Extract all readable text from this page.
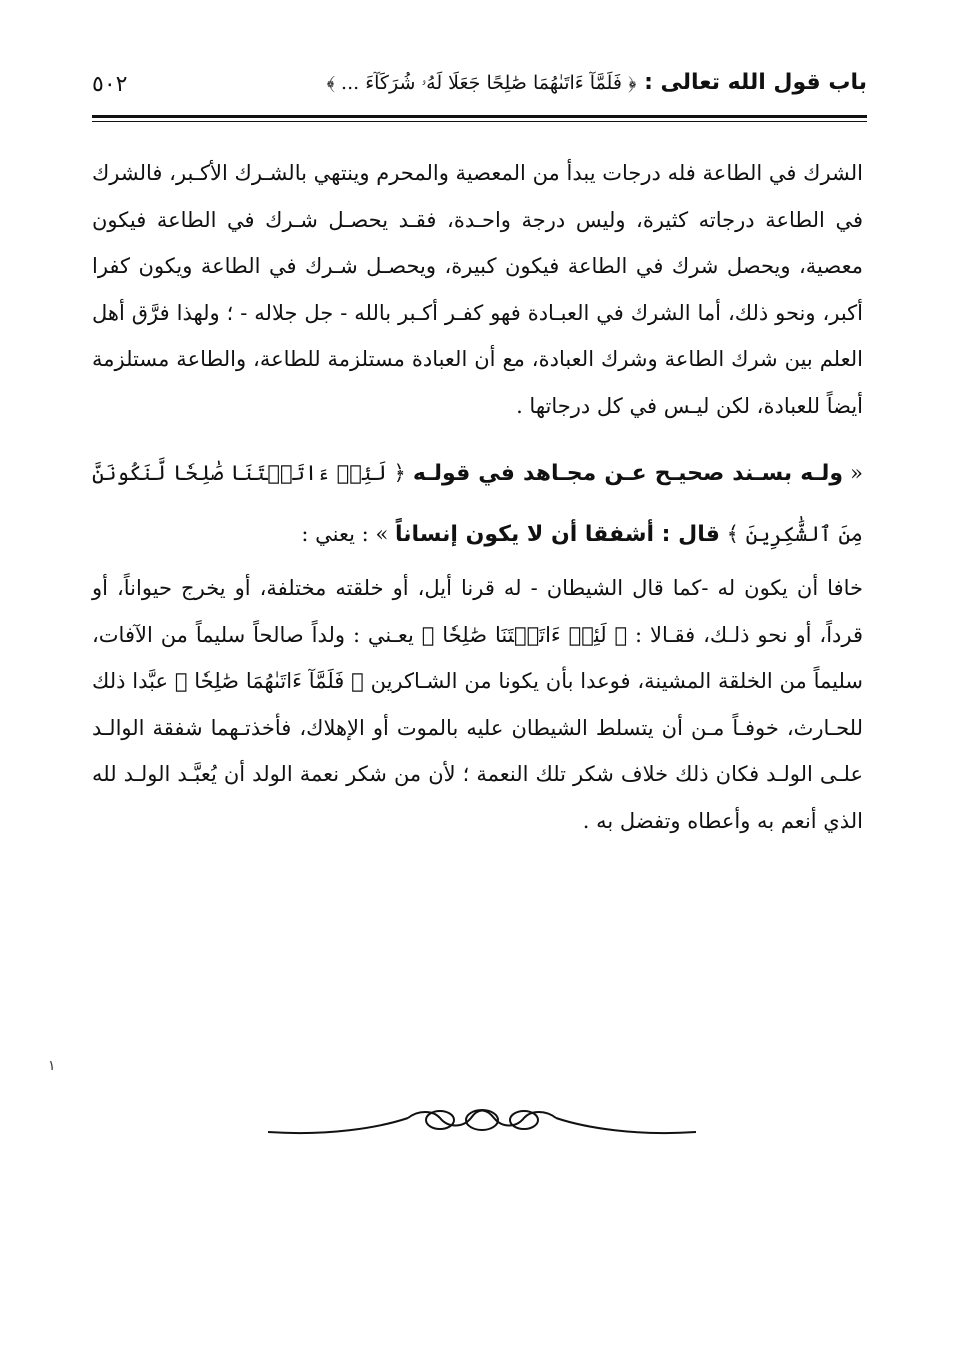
باب قول الله تعالى : ﴿ فَلَمَّآ ءَاتَىٰهُمَا صَٰلِحًا جَعَلَا لَهُۥ شُرَكَآءَ ... ﴾
٥٠٢

الشرك في الطاعة فله درجات يبدأ من المعصية والمحرم وينتهي بالشـرك الأكـبر، فالشرك في الطاعة درجاته كثيرة، وليس درجة واحـدة، فقـد يحصـل شـرك في الطاعة فيكون معصية، ويحصل شرك في الطاعة فيكون كبيرة، ويحصـل شـرك في الطاعة ويكون كفرا أكبر، ونحو ذلك، أما الشرك في العبـادة فهو كفـر أكـبر بالله - جل جلاله - ؛ ولهذا فرَّق أهل العلم بين شرك الطاعة وشرك العبادة، مع أن العبادة مستلزمة للطاعة، والطاعة مستلزمة أيضاً للعبادة، لكن ليـس في كل درجاتها .

« ولـه بسـند صحيـح عـن مجـاهد في قولـه ﴿ لَئِنۡ ءَاتَيۡتَنَا صَٰلِحٗا لَّنَكُونَنَّ مِنَ ٱلشَّٰكِرِينَ ﴾ قال : أشفقا أن لا يكون إنساناً » : يعني :

خافا أن يكون له -كما قال الشيطان - له قرنا أيل، أو خلقته مختلفة، أو يخرج حيواناً، أو قرداً، أو نحو ذلـك، فقـالا : ﴿ لَئِنۡ ءَاتَيۡتَنَا صَٰلِحٗا ﴾ يعـني : ولداً صالحاً سليماً من الآفات، سليماً من الخلقة المشينة، فوعدا بأن يكونا من الشـاكرين ﴿ فَلَمَّآ ءَاتَىٰهُمَا صَٰلِحٗا ﴾ عبَّدا ذلك للحـارث، خوفـاً مـن أن يتسلط الشيطان عليه بالموت أو الإهلاك، فأخذتـهما شفقة الوالـد علـى الولـد فكان ذلك خلاف شكر تلك النعمة ؛ لأن من شكر نعمة الولد أن يُعبَّـد الولـد لله الذي أنعم به وأعطاه وتفضل به .

١
